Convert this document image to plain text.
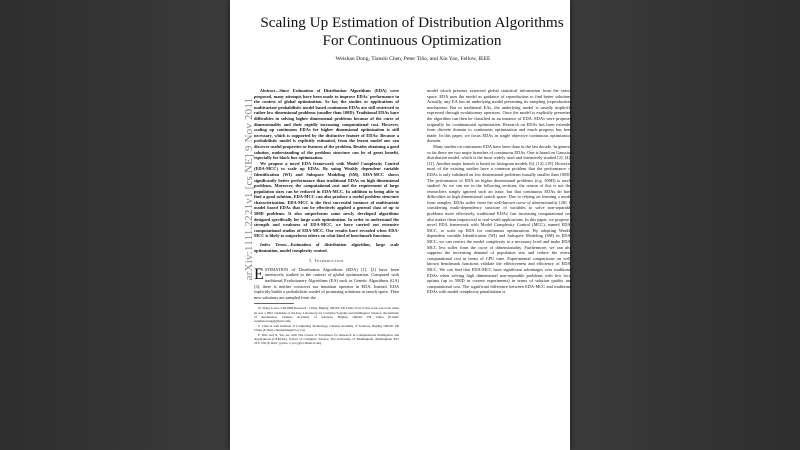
arXiv:1111.2221v1 [cs.NE] 9 Nov 2011
Scaling Up Estimation of Distribution Algorithms For Continuous Optimization
Weishan Dong, Tianshi Chen, Peter Tiňo, and Xin Yao, Fellow, IEEE

Abstract—Since Estimation of Distribution Algorithms (EDA) were proposed, many attempts have been made to improve EDAs' performance in the context of global optimization. So far, the studies or applications of multivariate probabilistic model based continuous EDAs are still restricted to rather low dimensional problems (smaller than 100D). Traditional EDAs have difficulties in solving higher dimensional problems because of the curse of dimensionality and their rapidly increasing computational cost. However, scaling up continuous EDAs for higher dimensional optimization is still necessary, which is supported by the distinctive feature of EDAs: Because a probabilistic model is explicitly estimated, from the learnt model one can discover useful properties or features of the problem. Besides obtaining a good solution, understanding of the problem structure can be of great benefit, especially for black box optimization.

We propose a novel EDA framework with Model Complexity Control (EDA-MCC) to scale up EDAs. By using Weakly dependent variable Identification (WI) and Subspace Modeling (SM), EDA-MCC shows significantly better performance than traditional EDAs on high dimensional problems. Moreover, the computational cost and the requirement of large population sizes can be reduced in EDA-MCC. In addition to being able to find a good solution, EDA-MCC can also produce a useful problem structure characterization. EDA-MCC is the first successful instance of multivariate model based EDAs that can be effectively applied a general class of up to 500D problems. It also outperforms some newly developed algorithms designed specifically for large scale optimization. In order to understand the strength and weakness of EDA-MCC, we have carried out extensive computational studies of EDA-MCC. Our results have revealed when EDA-MCC is likely to outperform others on what kind of benchmark functions.

Index Terms—Estimation of distribution algorithm, large scale optimization, model complexity control.

I. Introduction

ESTIMATION of Distribution Algorithms (EDA) [1], [2] have been intensively studied in the context of global optimization. Compared with traditional Evolutionary Algorithms (EA) such as Genetic Algorithms (GA) [3], there is neither crossover nor mutation operator in EDA. Instead, EDA explicitly builds a probabilistic model of promising solutions in search space. Then new solutions are sampled from the

W. Dong is now with IBM Research - China, Beijing 100193, PR China. Part of this work was done when he was a PhD candidate of the Key Laboratory for Complex Systems and Intelligence Science, the Institute of Automation, Chinese Academy of Sciences, Beijing 100190, PR China (E-mail: weishan.dong@gmail.com).

T. Chen is with Institute of Computing Technology, Chinese Academy of Sciences, Beijing 100190, PR China (E-mail: chentianshi@ict.ac.cn).

P. Tiňo and X. Yao are with The Centre of Excellence for Research in Computational Intelligence and Applications (CERCIA), School of Computer Science, The University of Birmingham, Birmingham B15 2TT, UK (E-mail: {p.tino, x.yao}@cs.bham.ac.uk).

model which presents extracted global statistical information from the search space. EDA uses the model as guidance of reproduction to find better solutions. Actually, any EA has an underlying model presenting its sampling (reproduction) mechanism. But in traditional EAs, the underlying model is usually implicitly expressed through evolutionary operators. Once the model is explicitly presented, the algorithm can then be classified as an instance of EDA. EDAs were proposed originally for combinatorial optimization. Research on EDAs has been extended from discrete domain to continuous optimization and much progress has been made. In this paper, we focus EDAs in single objective continuous optimization domain.

Many studies on continuous EDA have been done in the last decade. In general, so far there are two major branches of continuous EDAs. One is based on Gaussian distribution model, which is the most widely used and intensively studied [2], [4]–[11]. Another major branch is based on histogram models [6], [12]–[19]. However, most of the existing studies have a common problem that the performance of EDAs is only validated on low dimensional problems (usually smaller than 100D). The performance of EDA on higher dimensional problems (e.g. 500D) is rarely studied. As we can see in the following sections, the reason of this is not that researchers simply ignored such an issue, but that continuous EDAs do have difficulties in high dimensional search space. Due to relying on learning a model from samples, EDAs suffer from the well-known curse of dimensionality [20]. If considering multi-dependency structure of variables to solve non-separable problems more effectively, traditional EDAs' fast increasing computational cost also makes them impractical to real-world applications. In this paper, we propose a novel EDA framework with Model Complexity Control (MCC), named EDA-MCC, to scale up EDA for continuous optimization. By adopting Weakly dependent variable Identification (WI) and Subspace Modeling (SM) in EDA-MCC, we can restrict the model complexity to a necessary level and make EDA-MCC less suffer from the curse of dimensionality. Furthermore, we can also suppress the increasing demand of population size and reduce the overall computational cost in terms of CPU time. Experimental comparisons on well-known benchmark functions validate the effectiveness and efficiency of EDA-MCC. We can find that EDA-MCC have significant advantages over traditional EDAs when solving high dimensional non-separable problems with few local optima (up to 500D in current experiments) in terms of solution quality and computational cost. The significant difference between EDA-MCC and traditional EDAs with model complexity penalization is
